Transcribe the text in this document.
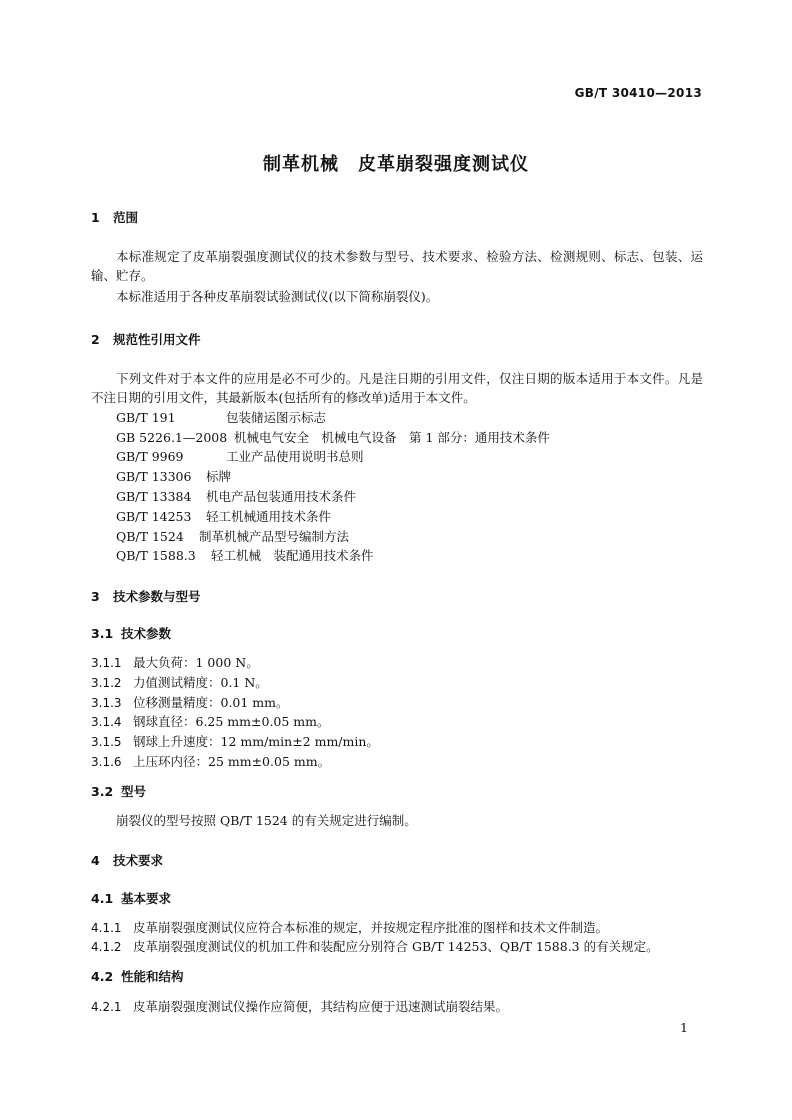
GB/T 30410—2013
制革机械　皮革崩裂强度测试仪
1 范围
本标准规定了皮革崩裂强度测试仪的技术参数与型号、技术要求、检验方法、检测规则、标志、包装、运输、贮存。
本标准适用于各种皮革崩裂试验测试仪(以下简称崩裂仪)。
2 规范性引用文件
下列文件对于本文件的应用是必不可少的。凡是注日期的引用文件，仅注日期的版本适用于本文件。凡是不注日期的引用文件，其最新版本(包括所有的修改单)适用于本文件。
GB/T 191	包装储运图示标志
GB 5226.1—2008 机械电气安全　机械电气设备　第 1 部分：通用技术条件
GB/T 9969	工业产品使用说明书总则
GB/T 13306 标牌
GB/T 13384 机电产品包装通用技术条件
GB/T 14253 轻工机械通用技术条件
QB/T 1524 制革机械产品型号编制方法
QB/T 1588.3 轻工机械　装配通用技术条件
3 技术参数与型号
3.1 技术参数
3.1.1 最大负荷：1 000 N。
3.1.2 力值测试精度：0.1 N。
3.1.3 位移测量精度：0.01 mm。
3.1.4 钢球直径：6.25 mm±0.05 mm。
3.1.5 钢球上升速度：12 mm/min±2 mm/min。
3.1.6 上压环内径：25 mm±0.05 mm。
3.2 型号
崩裂仪的型号按照 QB/T 1524 的有关规定进行编制。
4 技术要求
4.1 基本要求
4.1.1 皮革崩裂强度测试仪应符合本标准的规定，并按规定程序批准的图样和技术文件制造。
4.1.2 皮革崩裂强度测试仪的机加工件和装配应分别符合 GB/T 14253、QB/T 1588.3 的有关规定。
4.2 性能和结构
4.2.1 皮革崩裂强度测试仪操作应简便，其结构应便于迅速测试崩裂结果。
1
